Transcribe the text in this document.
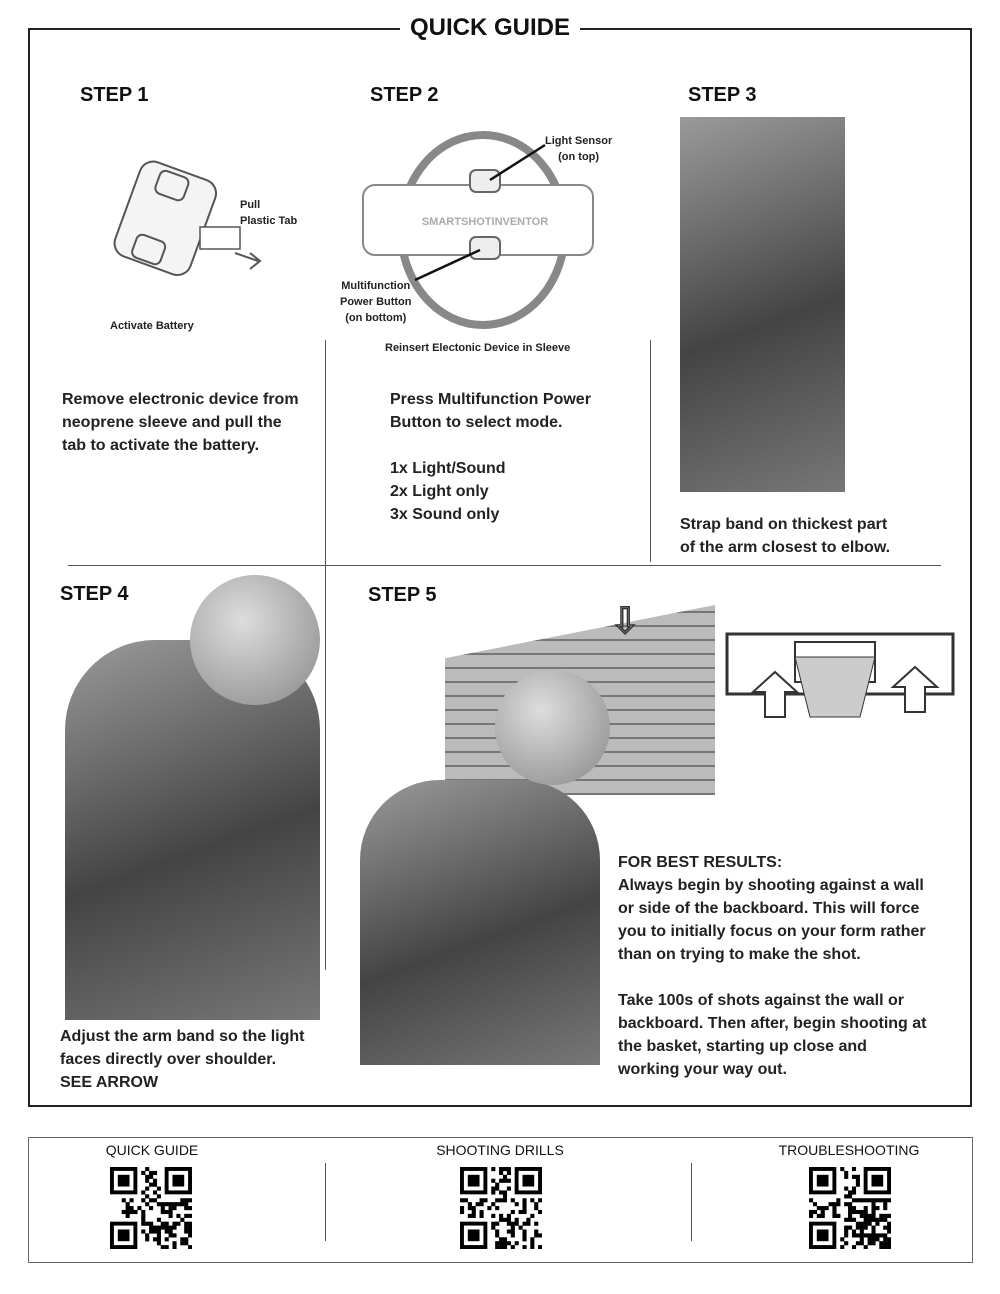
QUICK GUIDE
STEP 1
Pull
Plastic Tab
Activate Battery
Remove electronic device from
neoprene sleeve and pull the
tab to activate the battery.
STEP 2
SMARTSHOTINVENTOR
Light Sensor
(on top)
Multifunction
Power Button
(on bottom)
Reinsert Electonic Device in Sleeve
Press Multifunction Power
Button to select mode.

1x Light/Sound
2x Light only
3x Sound only
STEP 3
Strap band on thickest part
of the arm closest to elbow.
STEP 4
Adjust the arm band so the light
faces directly over shoulder.
SEE ARROW
STEP 5
⇩
FOR BEST RESULTS:
Always begin by shooting against a wall
or side of the backboard. This will force
you to initially focus on your form rather
than on trying to make the shot.

Take 100s of shots against the wall or
backboard. Then after, begin shooting at
the basket, starting up close and
working your way out.
QUICK GUIDE	SHOOTING DRILLS	TROUBLESHOOTING
